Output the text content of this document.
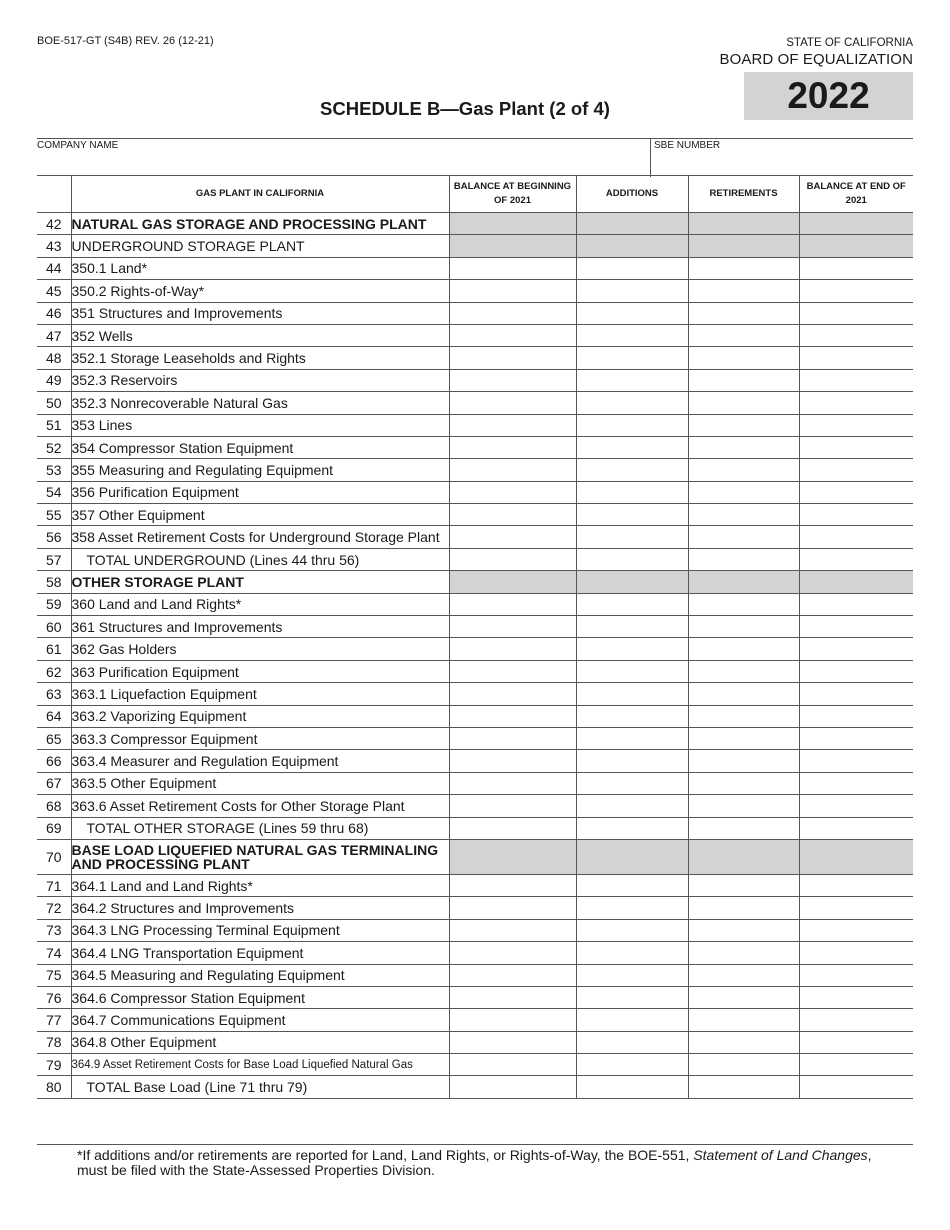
BOE-517-GT (S4B) REV. 26 (12-21)	STATE OF CALIFORNIA
BOARD OF EQUALIZATION
2022
SCHEDULE B—Gas Plant (2 of 4)
COMPANY NAME	SBE NUMBER
	GAS PLANT IN CALIFORNIA	BALANCE AT BEGINNING OF 2021	ADDITIONS	RETIREMENTS	BALANCE AT END OF 2021
42	NATURAL GAS STORAGE AND PROCESSING PLANT				
43	UNDERGROUND STORAGE PLANT				
44	350.1 Land*				
45	350.2 Rights-of-Way*				
46	351 Structures and Improvements				
47	352 Wells				
48	352.1 Storage Leaseholds and Rights				
49	352.3 Reservoirs				
50	352.3 Nonrecoverable Natural Gas				
51	353 Lines				
52	354 Compressor Station Equipment				
53	355 Measuring and Regulating Equipment				
54	356 Purification Equipment				
55	357 Other Equipment				
56	358 Asset Retirement Costs for Underground Storage Plant				
57	TOTAL UNDERGROUND (Lines 44 thru 56)				
58	OTHER STORAGE PLANT				
59	360 Land and Land Rights*				
60	361 Structures and Improvements				
61	362 Gas Holders				
62	363 Purification Equipment				
63	363.1 Liquefaction Equipment				
64	363.2 Vaporizing Equipment				
65	363.3 Compressor Equipment				
66	363.4 Measurer and Regulation Equipment				
67	363.5 Other Equipment				
68	363.6 Asset Retirement Costs for Other Storage Plant				
69	TOTAL OTHER STORAGE (Lines 59 thru 68)				
70	BASE LOAD LIQUEFIED NATURAL GAS TERMINALING AND PROCESSING PLANT				
71	364.1 Land and Land Rights*				
72	364.2 Structures and Improvements				
73	364.3 LNG Processing Terminal Equipment				
74	364.4 LNG Transportation Equipment				
75	364.5 Measuring and Regulating Equipment				
76	364.6 Compressor Station Equipment				
77	364.7 Communications Equipment				
78	364.8 Other Equipment				
79	364.9 Asset Retirement Costs for Base Load Liquefied Natural Gas				
80	TOTAL Base Load (Line 71 thru 79)				
*If additions and/or retirements are reported for Land, Land Rights, or Rights-of-Way, the BOE-551, Statement of Land Changes,
must be filed with the State-Assessed Properties Division.
